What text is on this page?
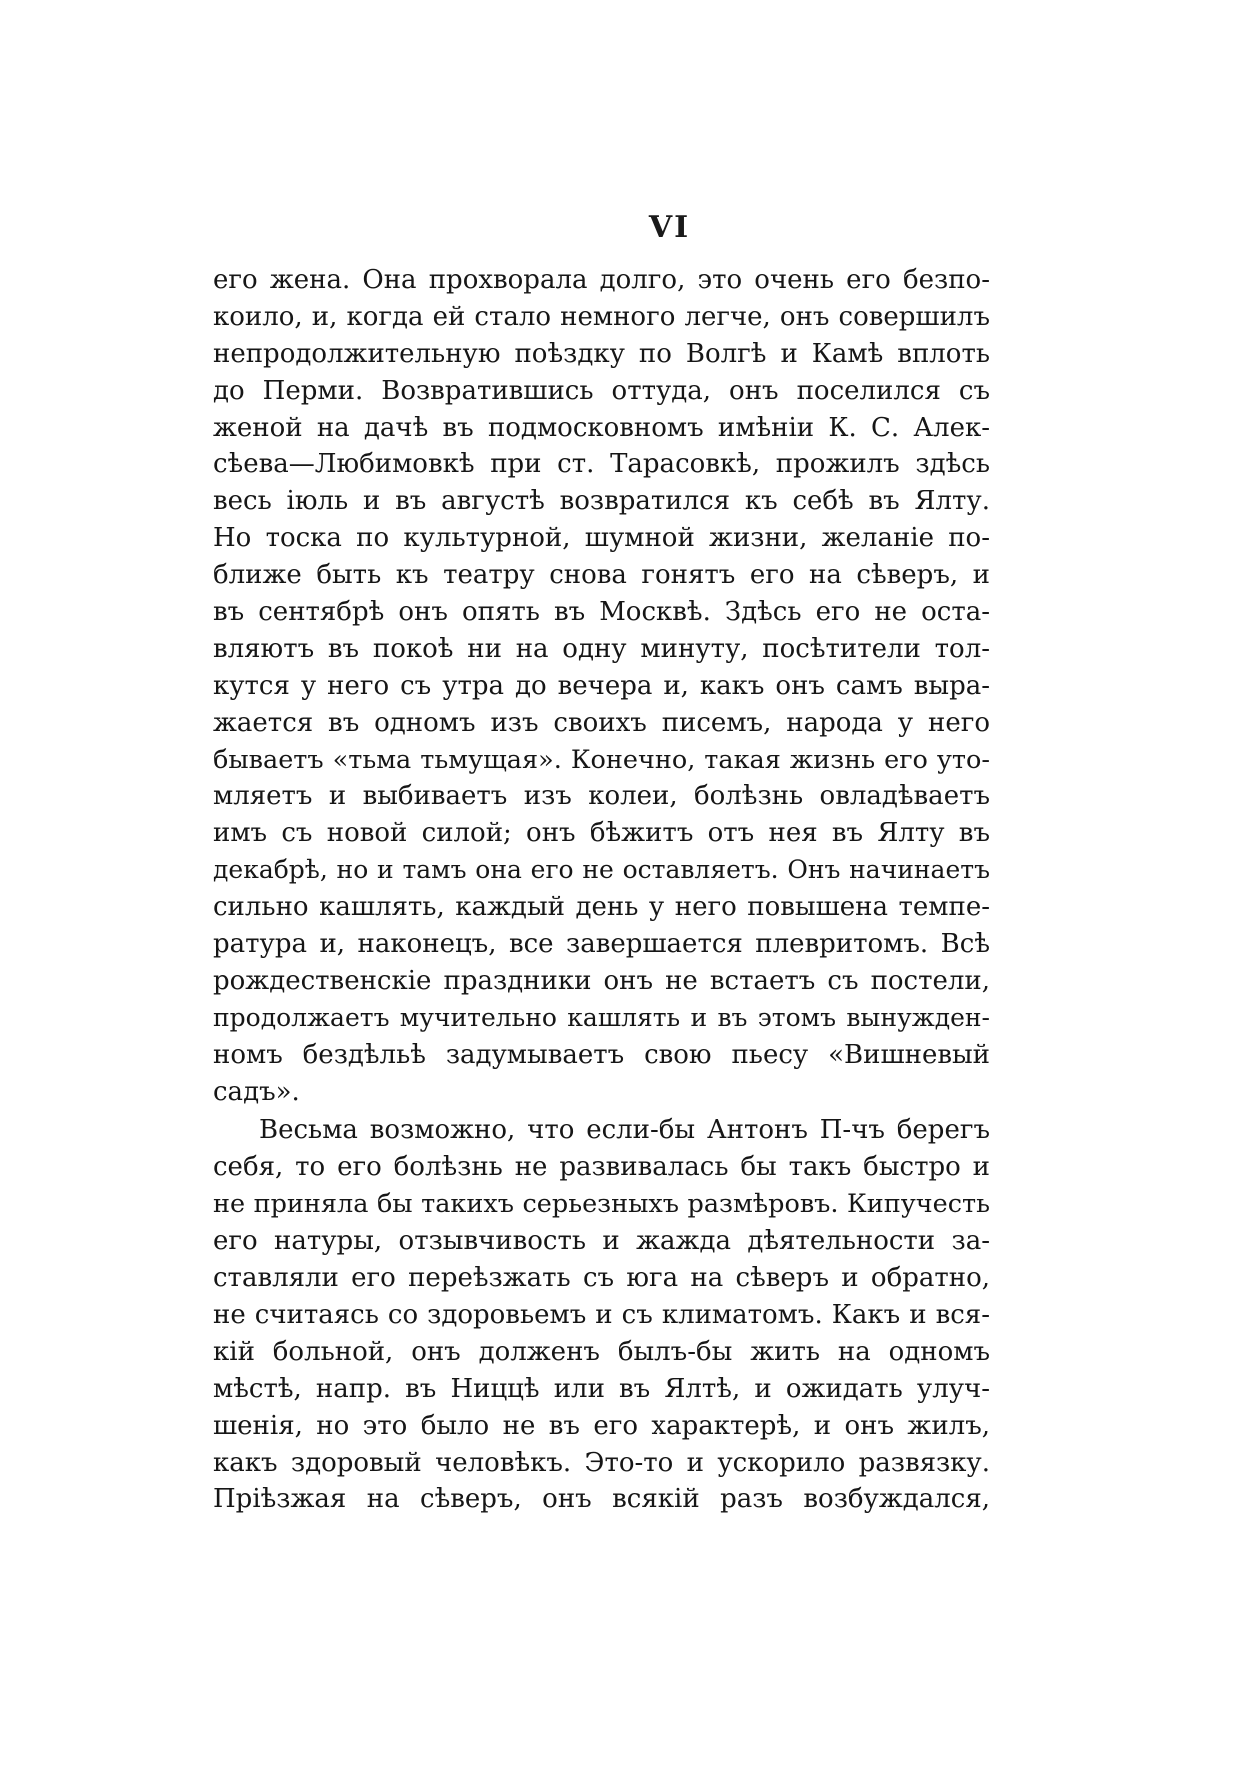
VI
его жена. Она прохворала долго, это очень его безпо-
коило, и, когда ей стало немного легче, онъ совершилъ
непродолжительную поѣздку по Волгѣ и Камѣ вплоть
до Перми. Возвратившись оттуда, онъ поселился съ
женой на дачѣ въ подмосковномъ имѣніи К. С. Алек-
сѣева—Любимовкѣ при ст. Тарасовкѣ, прожилъ здѣсь
весь іюль и въ августѣ возвратился къ себѣ въ Ялту.
Но тоска по культурной, шумной жизни, желаніе по-
ближе быть къ театру снова гонятъ его на сѣверъ, и
въ сентябрѣ онъ опять въ Москвѣ. Здѣсь его не оста-
вляютъ въ покоѣ ни на одну минуту, посѣтители тол-
кутся у него съ утра до вечера и, какъ онъ самъ выра-
жается въ одномъ изъ своихъ писемъ, народа у него
бываетъ «тьма тьмущая». Конечно, такая жизнь его уто-
мляетъ и выбиваетъ изъ колеи, болѣзнь овладѣваетъ
имъ съ новой силой; онъ бѣжитъ отъ нея въ Ялту въ
декабрѣ, но и тамъ она его не оставляетъ. Онъ начинаетъ
сильно кашлять, каждый день у него повышена темпе-
ратура и, наконецъ, все завершается плевритомъ. Всѣ
рождественскіе праздники онъ не встаетъ съ постели,
продолжаетъ мучительно кашлять и въ этомъ вынужден-
номъ бездѣльѣ задумываетъ свою пьесу «Вишневый
садъ».
Весьма возможно, что если-бы Антонъ П-чъ берегъ
себя, то его болѣзнь не развивалась бы такъ быстро и
не приняла бы такихъ серьезныхъ размѣровъ. Кипучесть
его натуры, отзывчивость и жажда дѣятельности за-
ставляли его переѣзжать съ юга на сѣверъ и обратно,
не считаясь со здоровьемъ и съ климатомъ. Какъ и вся-
кій больной, онъ долженъ былъ-бы жить на одномъ
мѣстѣ, напр. въ Ниццѣ или въ Ялтѣ, и ожидать улуч-
шенія, но это было не въ его характерѣ, и онъ жилъ,
какъ здоровый человѣкъ. Это-то и ускорило развязку.
Пріѣзжая на сѣверъ, онъ всякій разъ возбуждался,
